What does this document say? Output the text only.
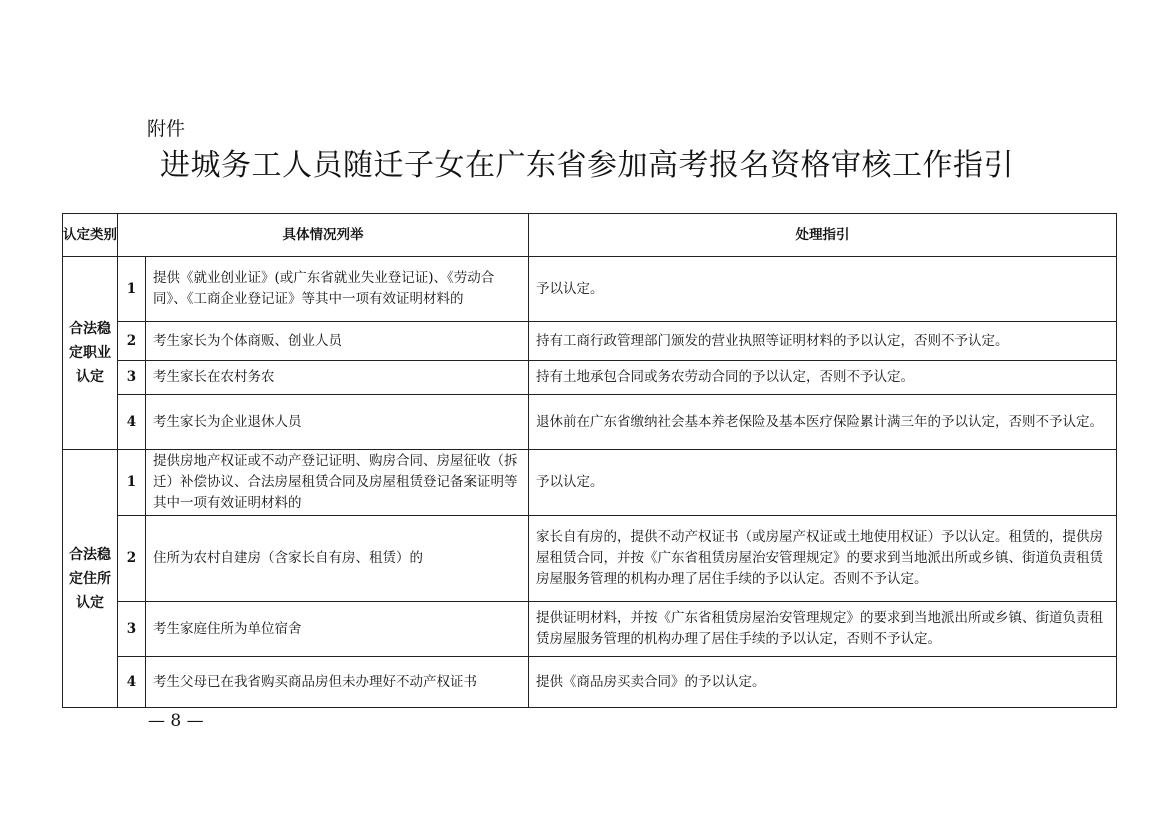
附件
进城务工人员随迁子女在广东省参加高考报名资格审核工作指引
认定类别	具体情况列举		处理指引
合法稳定职业认定	1	提供《就业创业证》(或广东省就业失业登记证)、《劳动合同》、《工商企业登记证》等其中一项有效证明材料的	予以认定。
	2	考生家长为个体商贩、创业人员	持有工商行政管理部门颁发的营业执照等证明材料的予以认定，否则不予认定。
	3	考生家长在农村务农	持有土地承包合同或务农劳动合同的予以认定，否则不予认定。
	4	考生家长为企业退休人员	退休前在广东省缴纳社会基本养老保险及基本医疗保险累计满三年的予以认定，否则不予认定。
合法稳定住所认定	1	提供房地产权证或不动产登记证明、购房合同、房屋征收（拆迁）补偿协议、合法房屋租赁合同及房屋租赁登记备案证明等其中一项有效证明材料的	予以认定。
	2	住所为农村自建房（含家长自有房、租赁）的	家长自有房的，提供不动产权证书（或房屋产权证或土地使用权证）予以认定。租赁的，提供房屋租赁合同，并按《广东省租赁房屋治安管理规定》的要求到当地派出所或乡镇、街道负责租赁房屋服务管理的机构办理了居住手续的予以认定。否则不予认定。
	3	考生家庭住所为单位宿舍	提供证明材料，并按《广东省租赁房屋治安管理规定》的要求到当地派出所或乡镇、街道负责租赁房屋服务管理的机构办理了居住手续的予以认定，否则不予认定。
	4	考生父母已在我省购买商品房但未办理好不动产权证书	提供《商品房买卖合同》的予以认定。
— 8 —
